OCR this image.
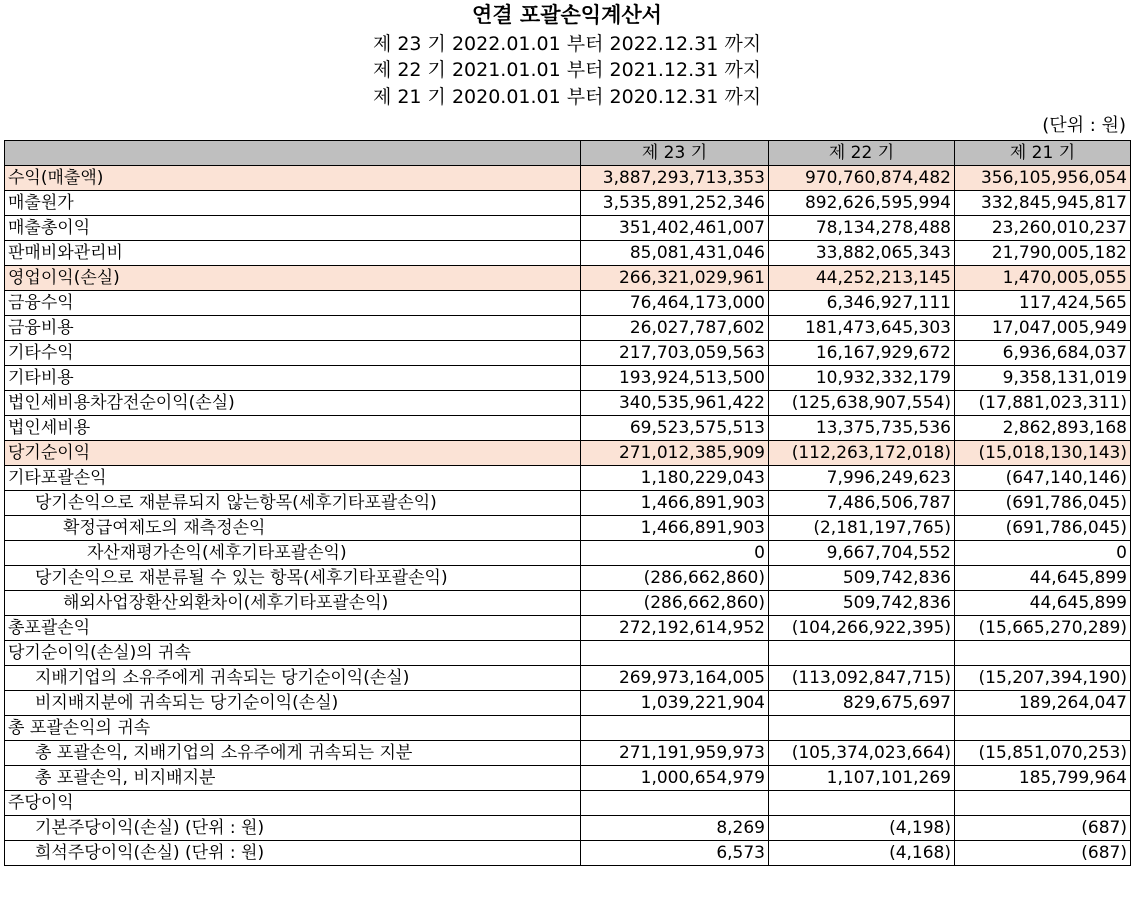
연결 포괄손익계산서
제 23 기 2022.01.01 부터 2022.12.31 까지
제 22 기 2021.01.01 부터 2021.12.31 까지
제 21 기 2020.01.01 부터 2020.12.31 까지
(단위 : 원)
	제 23 기	제 22 기	제 21 기
수익(매출액)	3,887,293,713,353	970,760,874,482	356,105,956,054
매출원가	3,535,891,252,346	892,626,595,994	332,845,945,817
매출총이익	351,402,461,007	78,134,278,488	23,260,010,237
판매비와관리비	85,081,431,046	33,882,065,343	21,790,005,182
영업이익(손실)	266,321,029,961	44,252,213,145	1,470,005,055
금융수익	76,464,173,000	6,346,927,111	117,424,565
금융비용	26,027,787,602	181,473,645,303	17,047,005,949
기타수익	217,703,059,563	16,167,929,672	6,936,684,037
기타비용	193,924,513,500	10,932,332,179	9,358,131,019
법인세비용차감전순이익(손실)	340,535,961,422	(125,638,907,554)	(17,881,023,311)
법인세비용	69,523,575,513	13,375,735,536	2,862,893,168
당기순이익	271,012,385,909	(112,263,172,018)	(15,018,130,143)
기타포괄손익	1,180,229,043	7,996,249,623	(647,140,146)
당기손익으로 재분류되지 않는항목(세후기타포괄손익)	1,466,891,903	7,486,506,787	(691,786,045)
확정급여제도의 재측정손익	1,466,891,903	(2,181,197,765)	(691,786,045)
자산재평가손익(세후기타포괄손익)	0	9,667,704,552	0
당기손익으로 재분류될 수 있는 항목(세후기타포괄손익)	(286,662,860)	509,742,836	44,645,899
해외사업장환산외환차이(세후기타포괄손익)	(286,662,860)	509,742,836	44,645,899
총포괄손익	272,192,614,952	(104,266,922,395)	(15,665,270,289)
당기순이익(손실)의 귀속			
지배기업의 소유주에게 귀속되는 당기순이익(손실)	269,973,164,005	(113,092,847,715)	(15,207,394,190)
비지배지분에 귀속되는 당기순이익(손실)	1,039,221,904	829,675,697	189,264,047
총 포괄손익의 귀속			
총 포괄손익, 지배기업의 소유주에게 귀속되는 지분	271,191,959,973	(105,374,023,664)	(15,851,070,253)
총 포괄손익, 비지배지분	1,000,654,979	1,107,101,269	185,799,964
주당이익			
기본주당이익(손실) (단위 : 원)	8,269	(4,198)	(687)
희석주당이익(손실) (단위 : 원)	6,573	(4,168)	(687)
